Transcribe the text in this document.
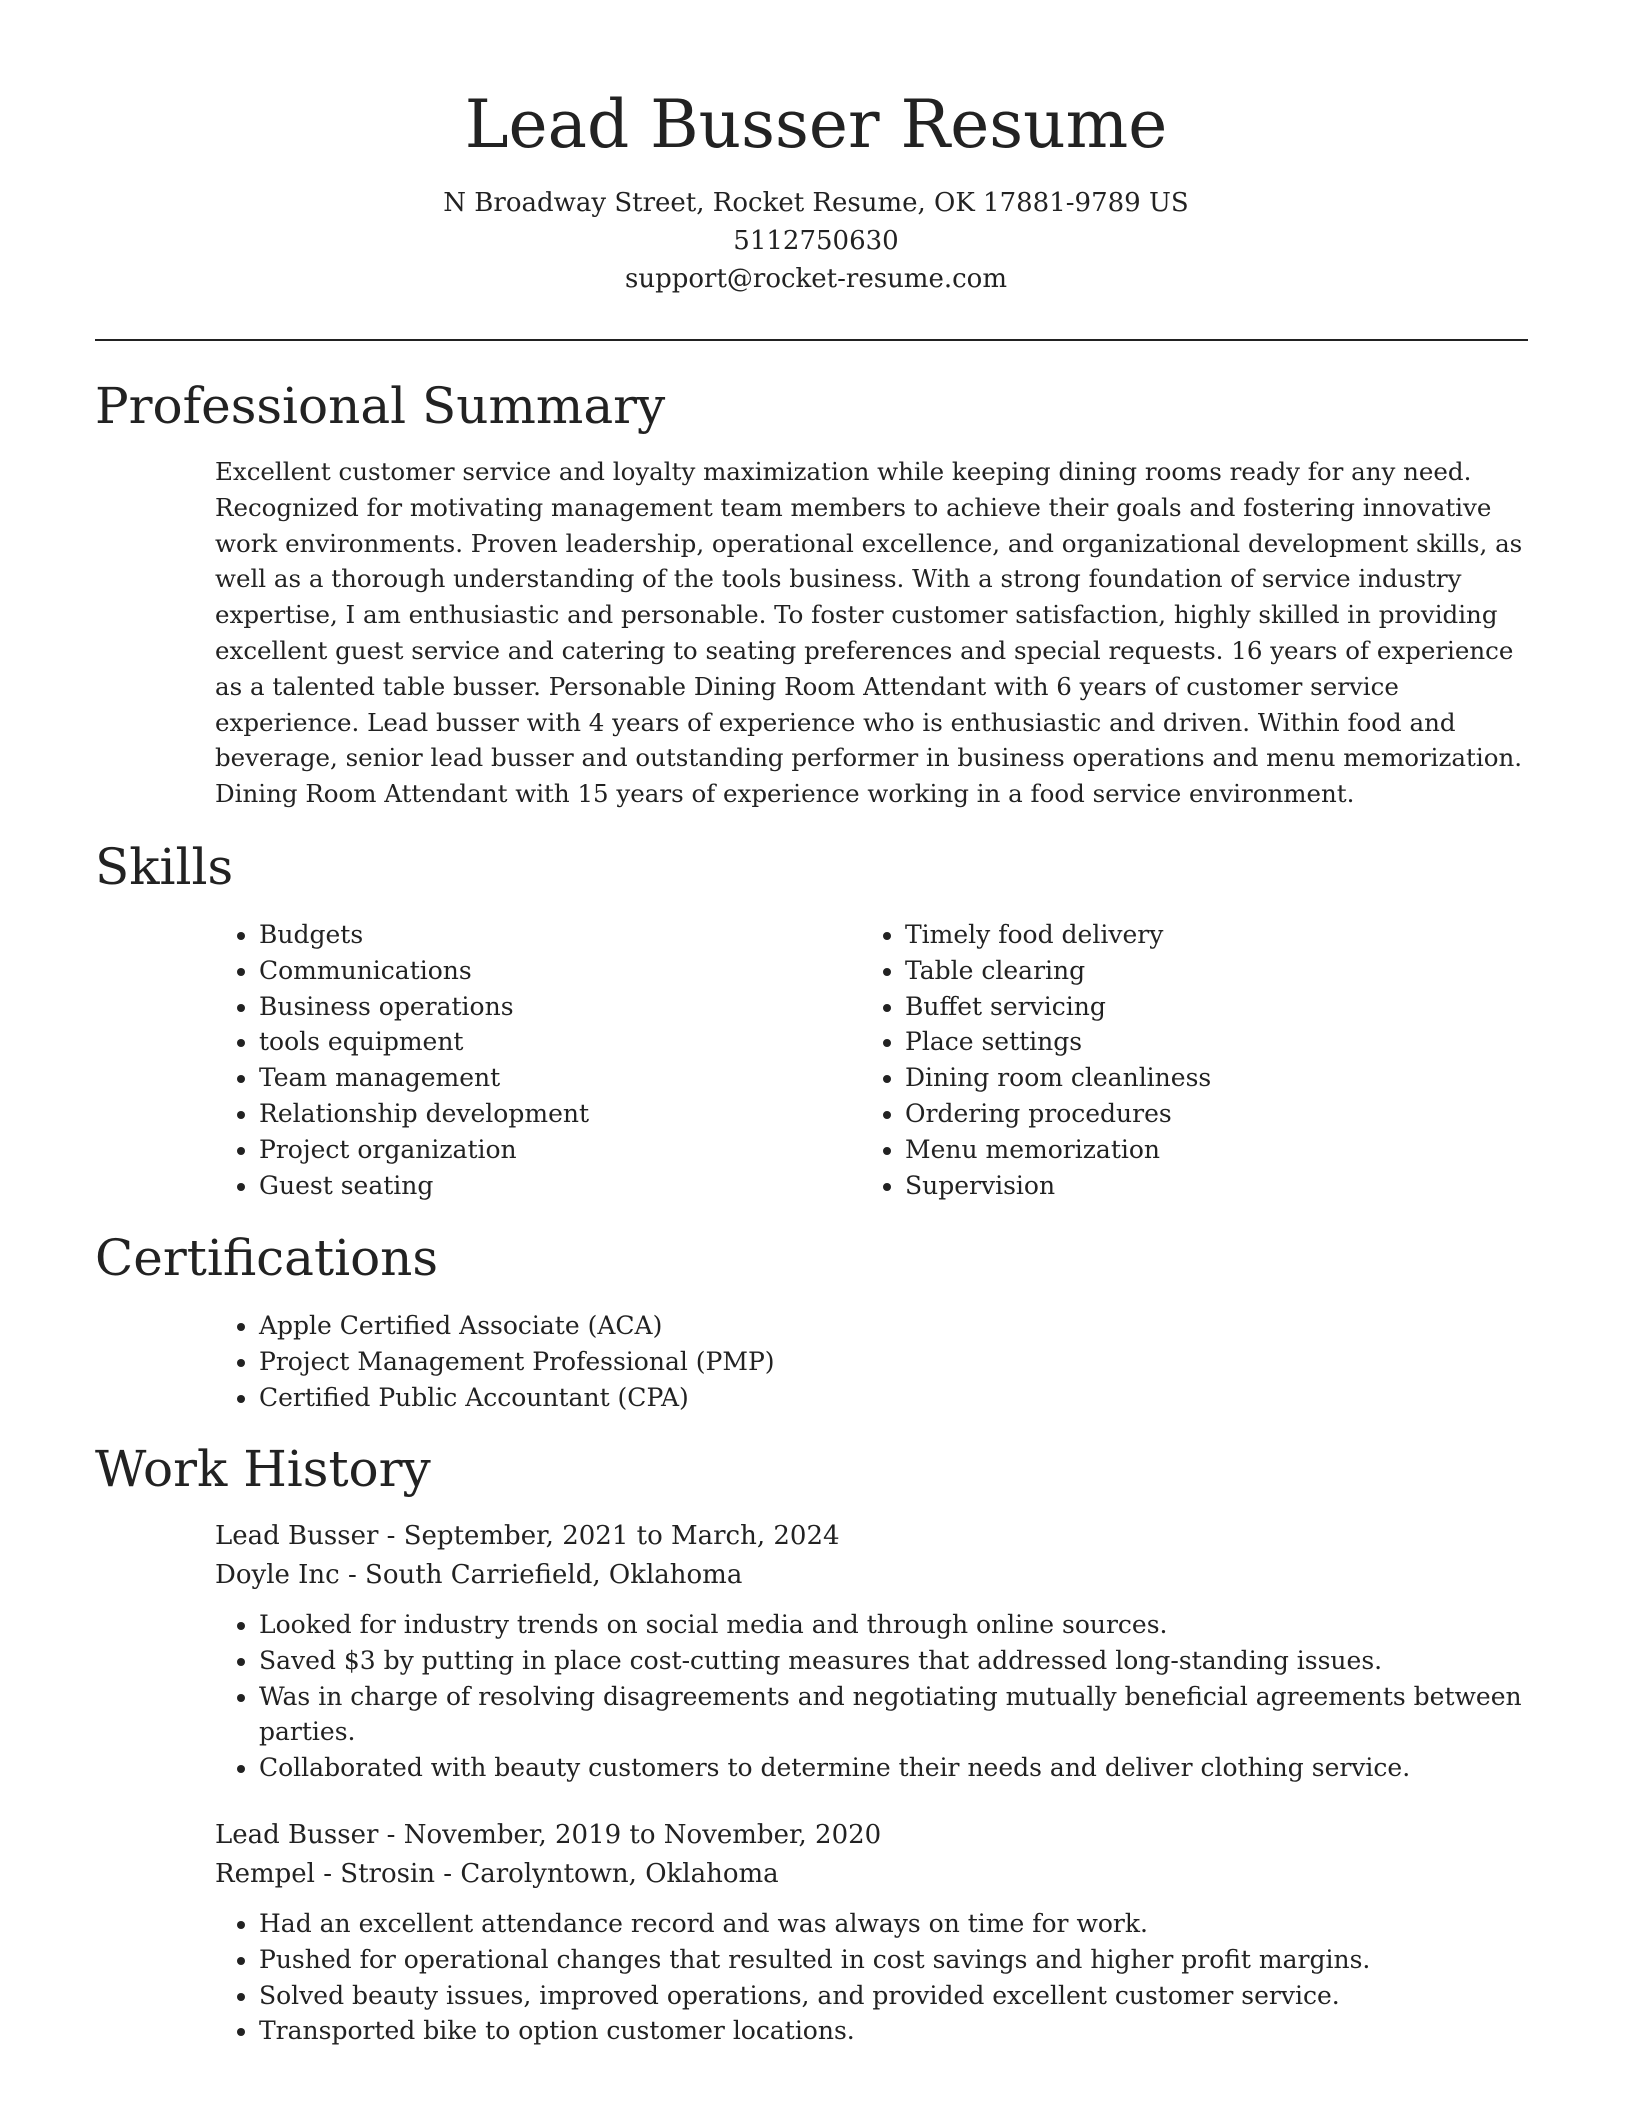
Lead Busser Resume

N Broadway Street, Rocket Resume, OK 17881-9789 US

5112750630

support@rocket-resume.com

Professional Summary

Excellent customer service and loyalty maximization while keeping dining rooms ready for any need. Recognized for motivating management team members to achieve their goals and fostering innovative work environments. Proven leadership, operational excellence, and organizational development skills, as well as a thorough understanding of the tools business. With a strong foundation of service industry expertise, I am enthusiastic and personable. To foster customer satisfaction, highly skilled in providing excellent guest service and catering to seating preferences and special requests. 16 years of experience as a talented table busser. Personable Dining Room Attendant with 6 years of customer service experience. Lead busser with 4 years of experience who is enthusiastic and driven. Within food and beverage, senior lead busser and outstanding performer in business operations and menu memorization. Dining Room Attendant with 15 years of experience working in a food service environment.

Skills
• Budgets
• Communications
• Business operations
• tools equipment
• Team management
• Relationship development
• Project organization
• Guest seating
• Timely food delivery
• Table clearing
• Buffet servicing
• Place settings
• Dining room cleanliness
• Ordering procedures
• Menu memorization
• Supervision
Certifications
• Apple Certified Associate (ACA)
• Project Management Professional (PMP)
• Certified Public Accountant (CPA)
Work History

Lead Busser - September, 2021 to March, 2024

Doyle Inc - South Carriefield, Oklahoma

• Looked for industry trends on social media and through online sources.
• Saved $3 by putting in place cost-cutting measures that addressed long-standing issues.
• Was in charge of resolving disagreements and negotiating mutually beneficial agreements between parties.
• Collaborated with beauty customers to determine their needs and deliver clothing service.

Lead Busser - November, 2019 to November, 2020

Rempel - Strosin - Carolyntown, Oklahoma

• Had an excellent attendance record and was always on time for work.
• Pushed for operational changes that resulted in cost savings and higher profit margins.
• Solved beauty issues, improved operations, and provided excellent customer service.
• Transported bike to option customer locations.
